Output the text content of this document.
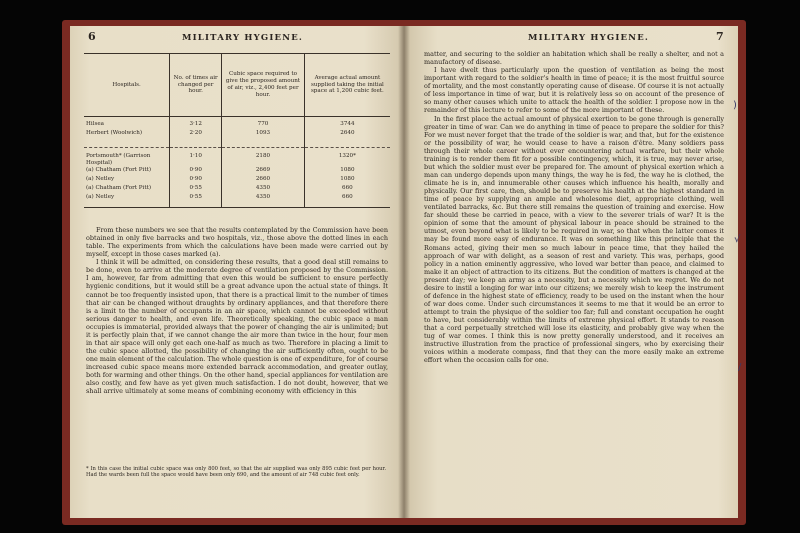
6	MILITARY HYGIENE.
Hospitals.	No. of times air changed per hour.	Cubic space required to give the proposed amount of air, viz., 2,400 feet per hour.	Average actual amount supplied taking the initial space at 1,200 cubic feet.

Hilsea	3·12	770	3744
Herbert (Woolwich)	2·20	1093	2640

Portsmouth* (Garrison Hospital)	1·10	2180	1320*
(a) Chatham (Fort Pitt)	0·90	2669	1080
(a) Netley	0·90	2660	1080
(a) Chatham (Fort Pitt)	0·55	4350	660
(a) Netley	0·55	4350	660

From these numbers we see that the results contemplated by the Commission have been obtained in only five barracks and two hospitals, viz., those above the dotted lines in each table. The experiments from which the calculations have been made were carried out by myself, except in those cases marked (a).

I think it will be admitted, on considering these results, that a good deal still remains to be done, even to arrive at the moderate degree of ventilation proposed by the Commission. I am, however, far from admitting that even this would be sufficient to ensure perfectly hygienic conditions, but it would still be a great advance upon the actual state of things. It cannot be too frequently insisted upon, that there is a practical limit to the number of times that air can be changed without draughts by ordinary appliances, and that therefore there is a limit to the number of occupants in an air space, which cannot be exceeded without serious danger to health, and even life. Theoretically speaking, the cubic space a man occupies is immaterial, provided always that the power of changing the air is unlimited; but it is perfectly plain that, if we cannot change the air more than twice in the hour, four men in that air space will only get each one-half as much as two. Therefore in placing a limit to the cubic space allotted, the possibility of changing the air sufficiently often, ought to be one main element of the calculation. The whole question is one of expenditure, for of course increased cubic space means more extended barrack accommodation, and greater outlay, both for warming and other things. On the other hand, special appliances for ventilation are also costly, and few have as yet given much satisfaction. I do not doubt, however, that we shall arrive ultimately at some means of combining economy with efficiency in this

* In this case the initial cubic space was only 800 feet, so that the air supplied was only 895 cubic feet per hour. Had the wards been full the space would have been only 690, and the amount of air 748 cubic feet only.
MILITARY HYGIENE.	7

matter, and securing to the soldier an habitation which shall be really a shelter, and not a manufactory of disease.

I have dwelt thus particularly upon the question of ventilation as being the most important with regard to the soldier's health in time of peace; it is the most fruitful source of mortality, and the most constantly operating cause of disease. Of course it is not actually of less importance in time of war, but it is relatively less so on account of the presence of so many other causes which unite to attack the health of the soldier. I propose now in the remainder of this lecture to refer to some of the more important of these.

In the first place the actual amount of physical exertion to be gone through is generally greater in time of war. Can we do anything in time of peace to prepare the soldier for this? For we must never forget that the trade of the soldier is war, and that, but for the existence or the possibility of war, he would cease to have a raison d'être. Many soldiers pass through their whole career without ever encountering actual warfare, but their whole training is to render them fit for a possible contingency, which, it is true, may never arise, but which the soldier must ever be prepared for. The amount of physical exertion which a man can undergo depends upon many things, the way he is fed, the way he is clothed, the climate he is in, and innumerable other causes which influence his health, morally and physically. Our first care, then, should be to preserve his health at the highest standard in time of peace by supplying an ample and wholesome diet, appropriate clothing, well ventilated barracks, &c. But there still remains the question of training and exercise. How far should these be carried in peace, with a view to the severer trials of war? It is the opinion of some that the amount of physical labour in peace should be strained to the utmost, even beyond what is likely to be required in war, so that when the latter comes it may be found more easy of endurance. It was on something like this principle that the Romans acted, giving their men so much labour in peace time, that they hailed the approach of war with delight, as a season of rest and variety. This was, perhaps, good policy in a nation eminently aggressive, who loved war better than peace, and claimed to make it an object of attraction to its citizens. But the condition of matters is changed at the present day; we keep an army as a necessity, but a necessity which we regret. We do not desire to instil a longing for war into our citizens; we merely wish to keep the instrument of defence in the highest state of efficiency, ready to be used on the instant when the hour of war does come. Under such circumstances it seems to me that it would be an error to attempt to train the physique of the soldier too far; full and constant occupation he ought to have, but considerably within the limits of extreme physical effort. It stands to reason that a cord perpetually stretched will lose its elasticity, and probably give way when the tug of war comes. I think this is now pretty generally understood, and it receives an instructive illustration from the practice of professional singers, who by exercising their voices within a moderate compass, find that they can the more easily make an extreme effort when the occasion calls for one.

)
√
/
